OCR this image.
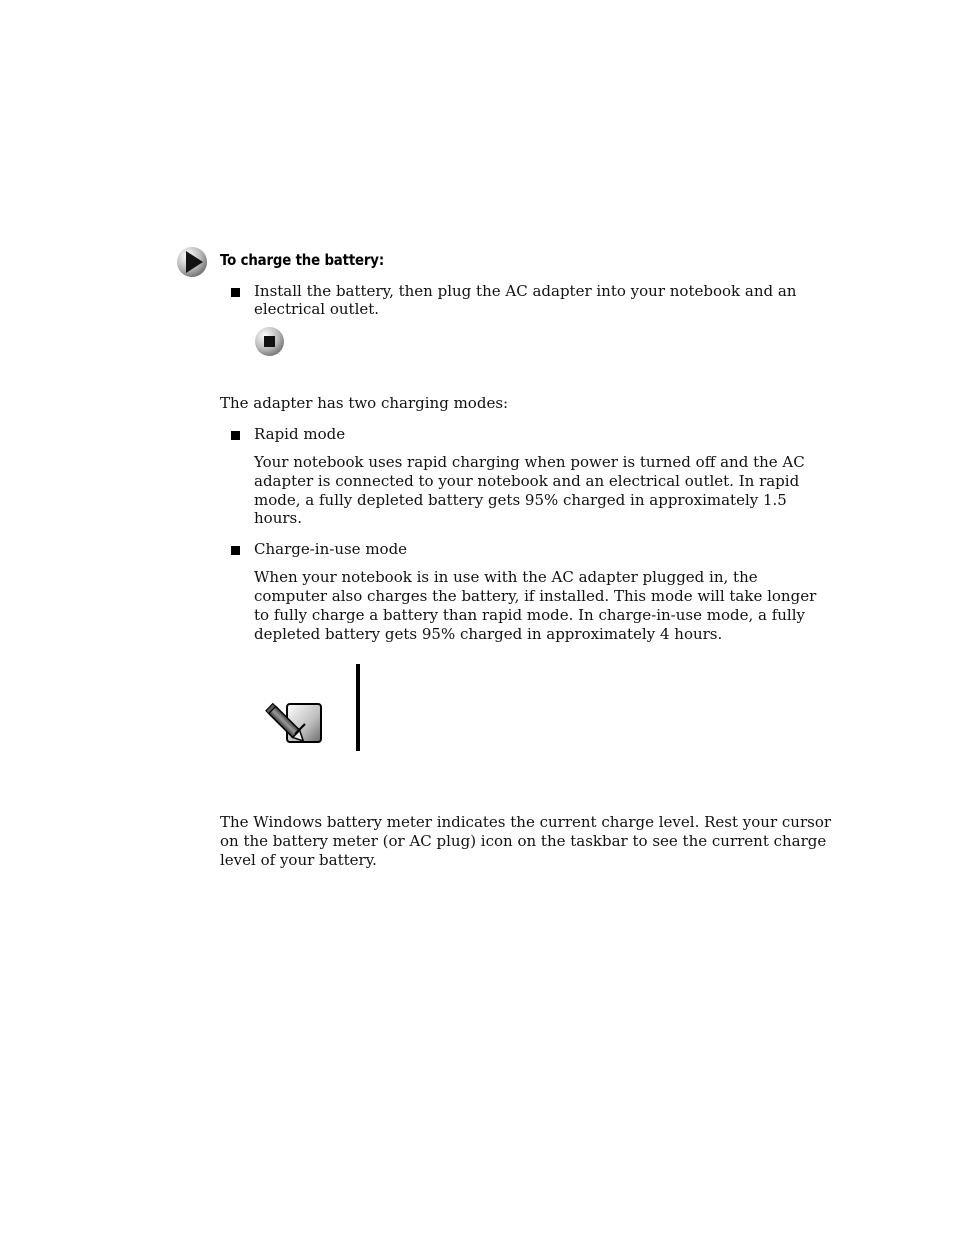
To charge the battery:
Install the battery, then plug the AC adapter into your notebook and an
electrical outlet.
The adapter has two charging modes:
Rapid mode
Your notebook uses rapid charging when power is turned off and the AC
adapter is connected to your notebook and an electrical outlet. In rapid
mode, a fully depleted battery gets 95% charged in approximately 1.5
hours.
Charge-in-use mode
When your notebook is in use with the AC adapter plugged in, the
computer also charges the battery, if installed. This mode will take longer
to fully charge a battery than rapid mode. In charge-in-use mode, a fully
depleted battery gets 95% charged in approximately 4 hours.
The Windows battery meter indicates the current charge level. Rest your cursor
on the battery meter (or AC plug) icon on the taskbar to see the current charge
level of your battery.
